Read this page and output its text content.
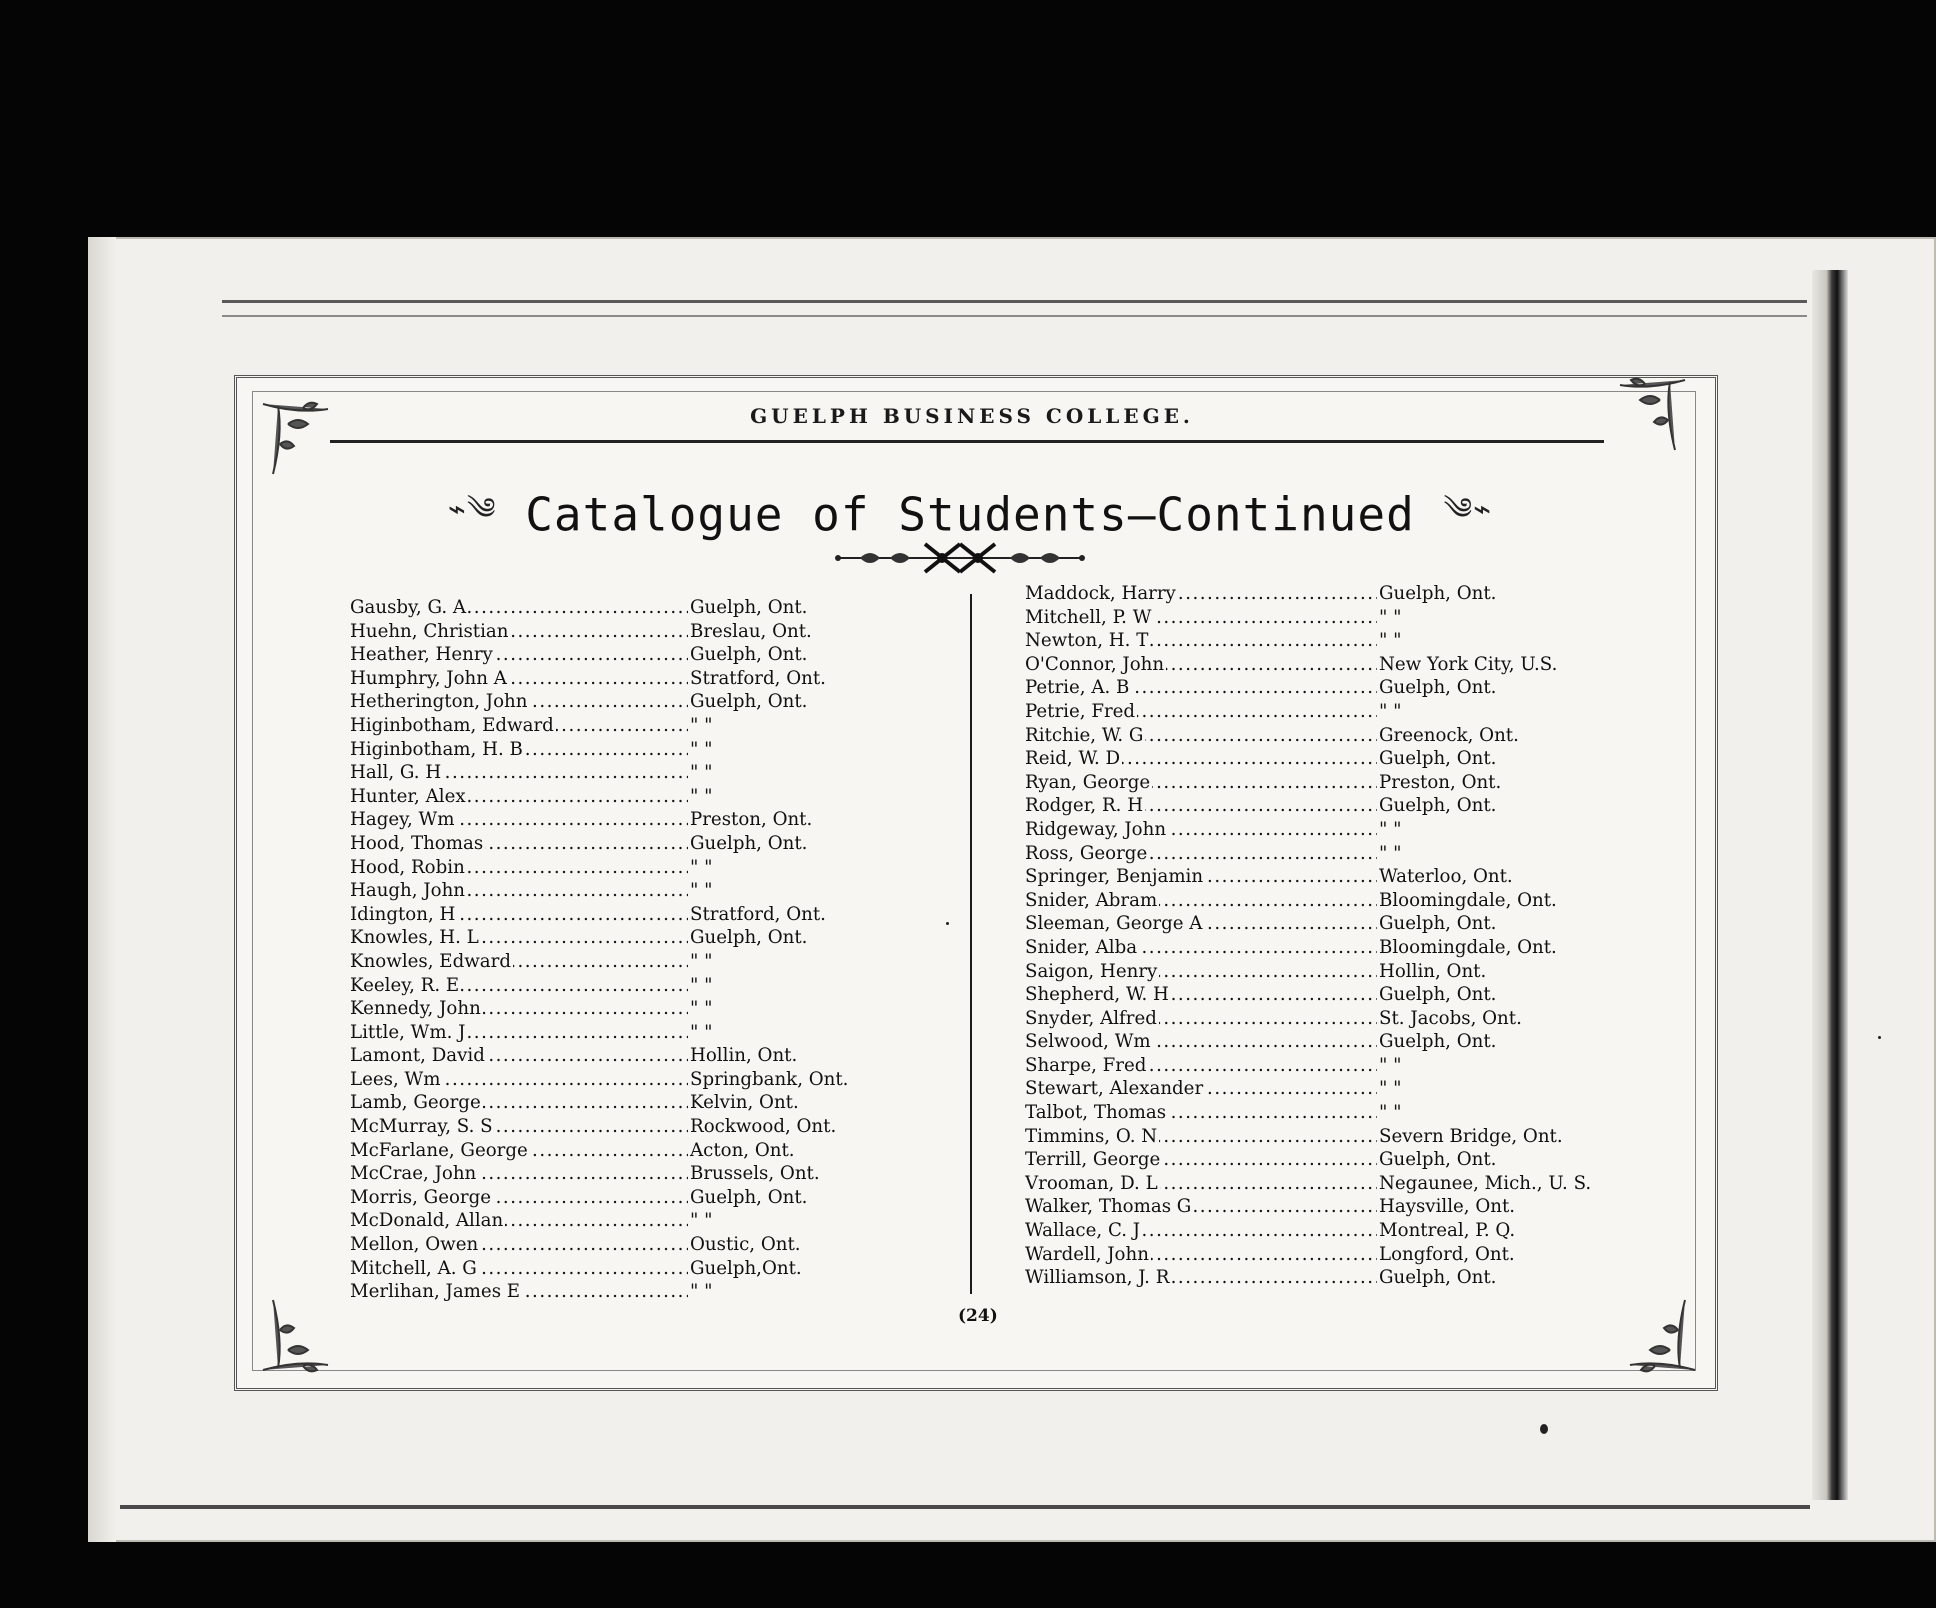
GUELPH BUSINESS COLLEGE.
⌁༄ Catalogue of Students—Continued ༄⌁
Gausby, G. A .....	Guelph, Ont.
Huehn, Christian .....	Breslau, Ont.
Heather, Henry .....	Guelph, Ont.
Humphry, John A .....	Stratford, Ont.
Hetherington, John .....	Guelph, Ont.
Higinbotham, Edward .....	" "
Higinbotham, H. B .....	" "
Hall, G. H .....	" "
Hunter, Alex .....	" "
Hagey, Wm .....	Preston, Ont.
Hood, Thomas .....	Guelph, Ont.
Hood, Robin .....	" "
Haugh, John .....	" "
Idington, H .....	Stratford, Ont.
Knowles, H. L .....	Guelph, Ont.
Knowles, Edward .....	" "
Keeley, R. E .....	" "
Kennedy, John .....	" "
Little, Wm. J .....	" "
Lamont, David .....	Hollin, Ont.
Lees, Wm .....	Springbank, Ont.
Lamb, George .....	Kelvin, Ont.
McMurray, S. S .....	Rockwood, Ont.
McFarlane, George .....	Acton, Ont.
McCrae, John .....	Brussels, Ont.
Morris, George .....	Guelph, Ont.
McDonald, Allan .....	" "
Mellon, Owen .....	Oustic, Ont.
Mitchell, A. G .....	Guelph,Ont.
Merlihan, James E .....	" "
Maddock, Harry .....	Guelph, Ont.
Mitchell, P. W .....	" "
Newton, H. T .....	" "
O'Connor, John .....	New York City, U.S.
Petrie, A. B .....	Guelph, Ont.
Petrie, Fred .....	" "
Ritchie, W. G .....	Greenock, Ont.
Reid, W. D .....	Guelph, Ont.
Ryan, George .....	Preston, Ont.
Rodger, R. H .....	Guelph, Ont.
Ridgeway, John .....	" "
Ross, George .....	" "
Springer, Benjamin .....	Waterloo, Ont.
Snider, Abram .....	Bloomingdale, Ont.
Sleeman, George A .....	Guelph, Ont.
Snider, Alba .....	Bloomingdale, Ont.
Saigon, Henry .....	Hollin, Ont.
Shepherd, W. H .....	Guelph, Ont.
Snyder, Alfred .....	St. Jacobs, Ont.
Selwood, Wm .....	Guelph, Ont.
Sharpe, Fred .....	" "
Stewart, Alexander .....	" "
Talbot, Thomas .....	" "
Timmins, O. N .....	Severn Bridge, Ont.
Terrill, George .....	Guelph, Ont.
Vrooman, D. L .....	Negaunee, Mich., U. S.
Walker, Thomas G .....	Haysville, Ont.
Wallace, C. J .....	Montreal, P. Q.
Wardell, John .....	Longford, Ont.
Williamson, J. R .....	Guelph, Ont.
(24)
